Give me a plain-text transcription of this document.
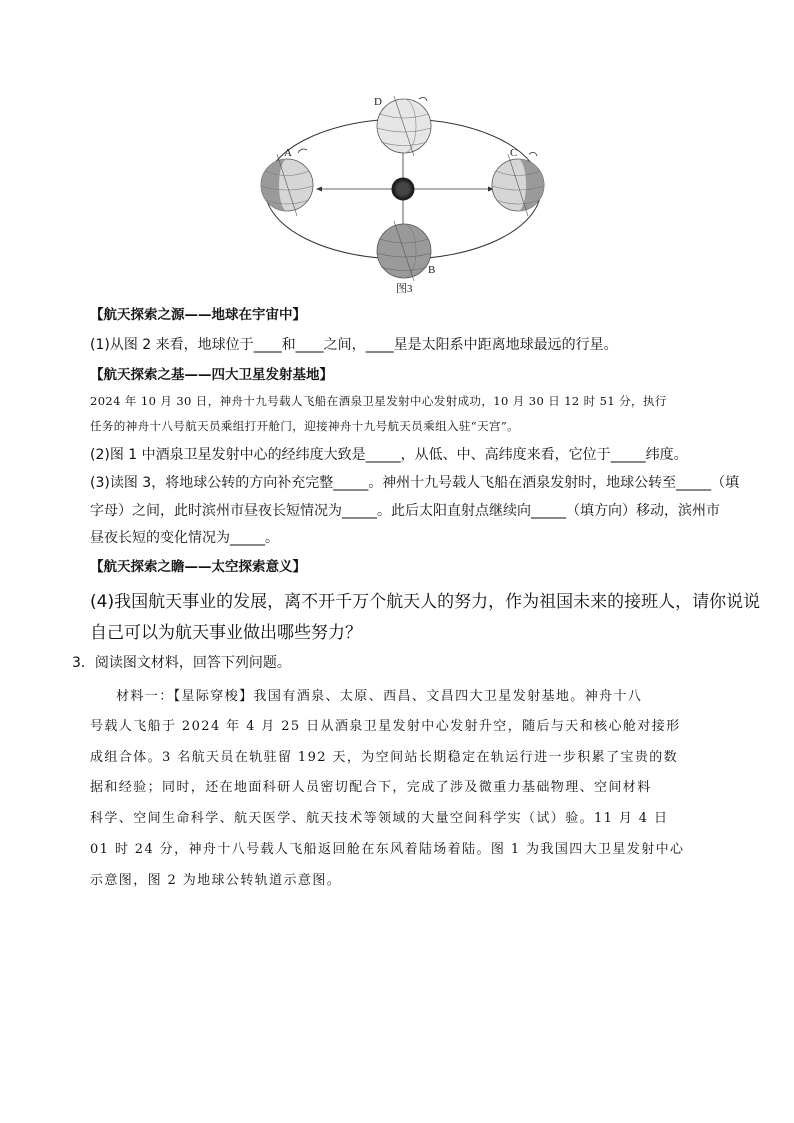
D
A	C
B
图3
【航天探索之源——地球在宇宙中】
(1)从图 2 来看，地球位于____和____之间，____星是太阳系中距离地球最远的行星。
【航天探索之基——四大卫星发射基地】
2024 年 10 月 30 日，神舟十九号载人飞船在酒泉卫星发射中心发射成功，10 月 30 日 12 时 51 分，执行
任务的神舟十八号航天员乘组打开舱门，迎接神舟十九号航天员乘组入驻“天宫”。
(2)图 1 中酒泉卫星发射中心的经纬度大致是_____，从低、中、高纬度来看，它位于_____纬度。
(3)读图 3，将地球公转的方向补充完整_____。神州十九号载人飞船在酒泉发射时，地球公转至_____（填
字母）之间，此时滨州市昼夜长短情况为_____。此后太阳直射点继续向_____（填方向）移动，滨州市
昼夜长短的变化情况为_____。
【航天探索之瞻——太空探索意义】
(4)我国航天事业的发展，离不开千万个航天人的努力，作为祖国未来的接班人，请你说说
自己可以为航天事业做出哪些努力？
3．阅读图文材料，回答下列问题。
材料一：【星际穿梭】我国有酒泉、太原、西昌、文昌四大卫星发射基地。神舟十八
号载人飞船于 2024 年 4 月 25 日从酒泉卫星发射中心发射升空，随后与天和核心舱对接形
成组合体。3 名航天员在轨驻留 192 天，为空间站长期稳定在轨运行进一步积累了宝贵的数
据和经验；同时，还在地面科研人员密切配合下，完成了涉及微重力基础物理、空间材料
科学、空间生命科学、航天医学、航天技术等领域的大量空间科学实（试）验。11 月 4 日
01 时 24 分，神舟十八号载人飞船返回舱在东风着陆场着陆。图 1 为我国四大卫星发射中心
示意图，图 2 为地球公转轨道示意图。
